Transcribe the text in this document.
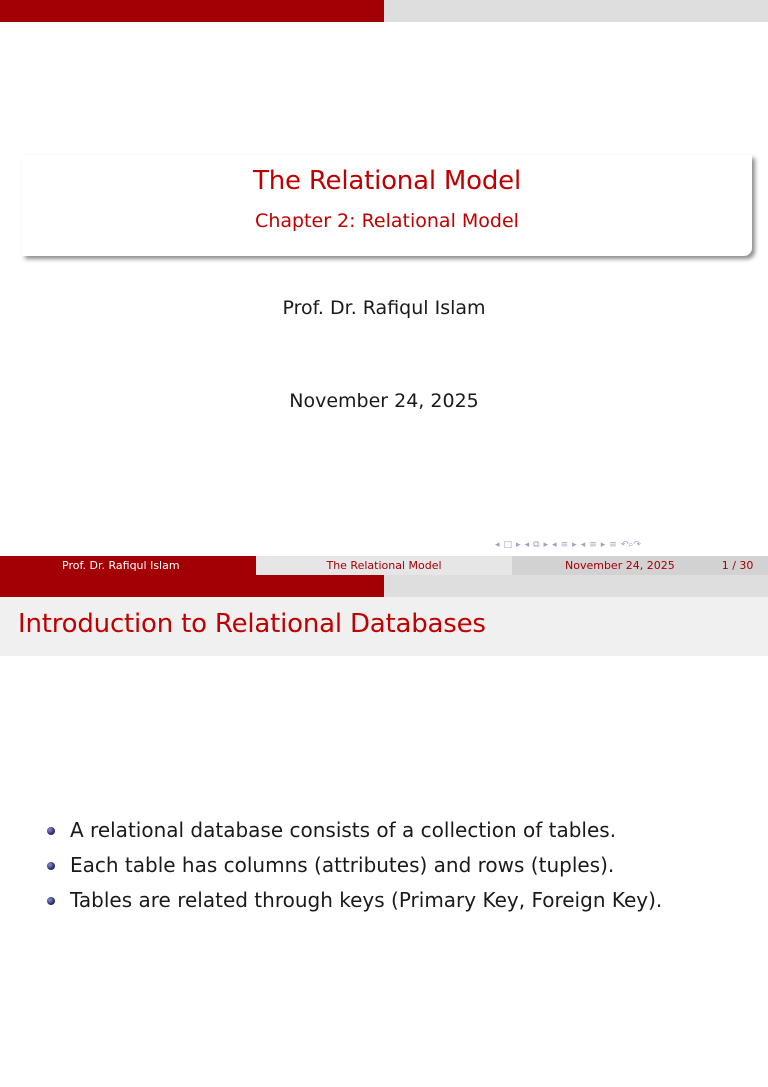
The Relational Model
Chapter 2: Relational Model
Prof. Dr. Rafiqul Islam
November 24, 2025
◂ □ ▸ ◂ ⧉ ▸ ◂ ≡ ▸ ◂ ≡ ▸ ≡ ↶⌕↷
Prof. Dr. Rafiqul Islam	The Relational Model	November 24, 2025	1 / 30
Introduction to Relational Databases
A relational database consists of a collection of tables.
Each table has columns (attributes) and rows (tuples).
Tables are related through keys (Primary Key, Foreign Key).
